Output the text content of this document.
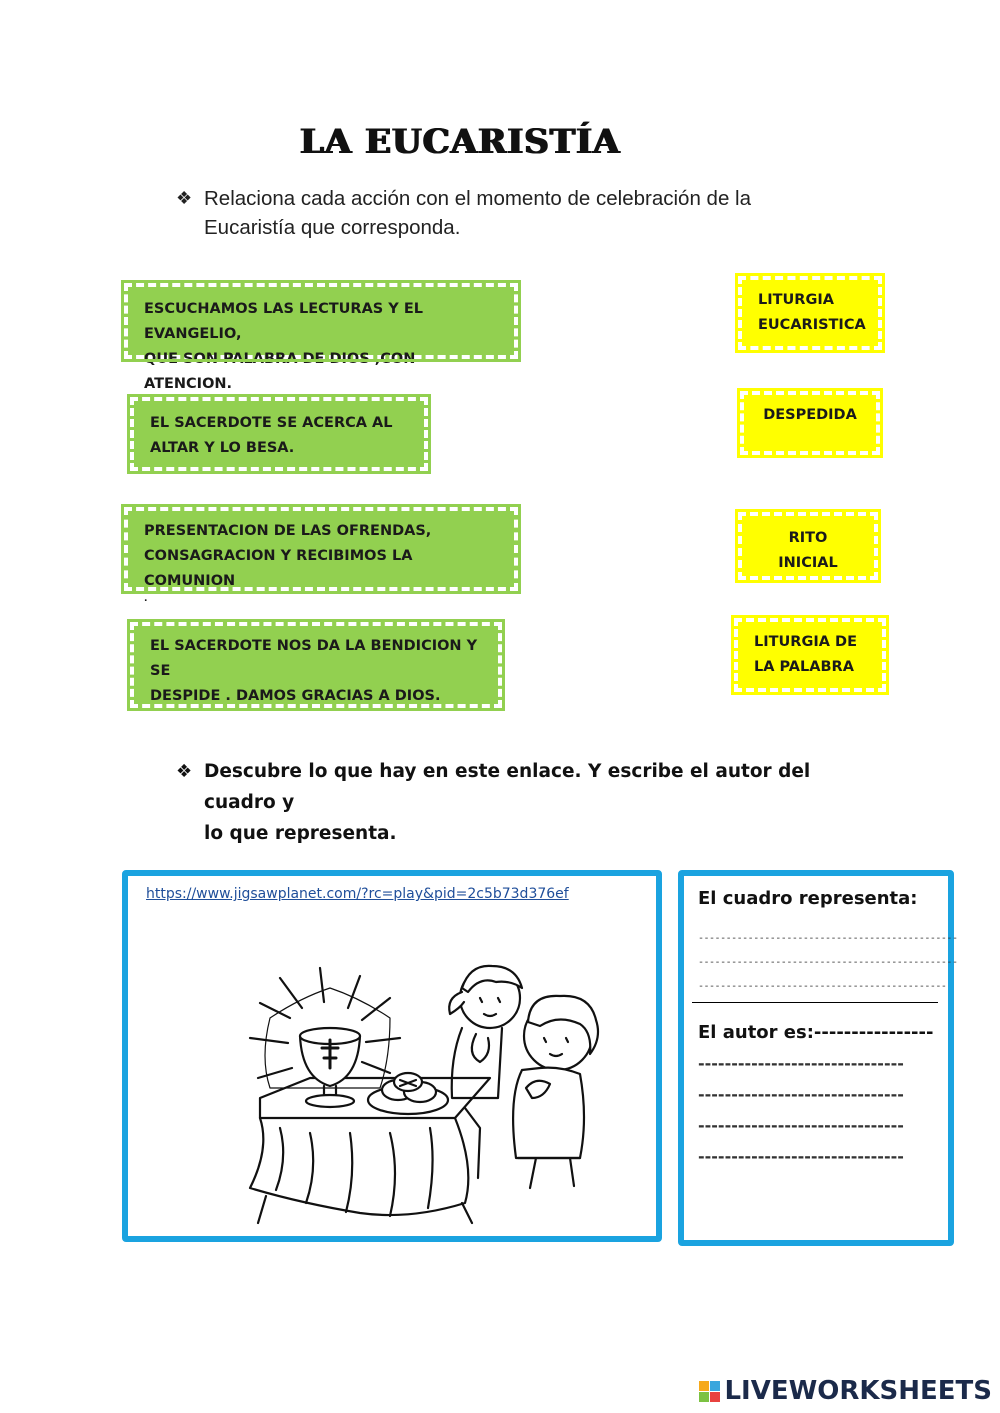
LA EUCARISTÍA
❖ Relaciona cada acción con el momento de celebración de la
Eucaristía que corresponda.
ESCUCHAMOS LAS LECTURAS Y EL EVANGELIO,
QUE SON PALABRA DE DIOS ,CON ATENCION.
EL SACERDOTE SE ACERCA AL
ALTAR Y LO BESA.
PRESENTACION DE LAS OFRENDAS,
CONSAGRACION Y RECIBIMOS LA COMUNION
.
EL SACERDOTE NOS DA LA BENDICION Y SE
DESPIDE . DAMOS GRACIAS A DIOS.
LITURGIA
EUCARISTICA
DESPEDIDA
RITO INICIAL
LITURGIA DE
LA PALABRA
❖ Descubre lo que hay en este enlace. Y escribe el autor del cuadro y
lo que representa.
https://www.jigsawplanet.com/?rc=play&pid=2c5b73d376ef	El cuadro representa:
-----------------------------------------------
-----------------------------------------------
---------------------------------------------
El autor es:----------------
-------------------------------
-------------------------------
-------------------------------
-------------------------------
LIVEWORKSHEETS
